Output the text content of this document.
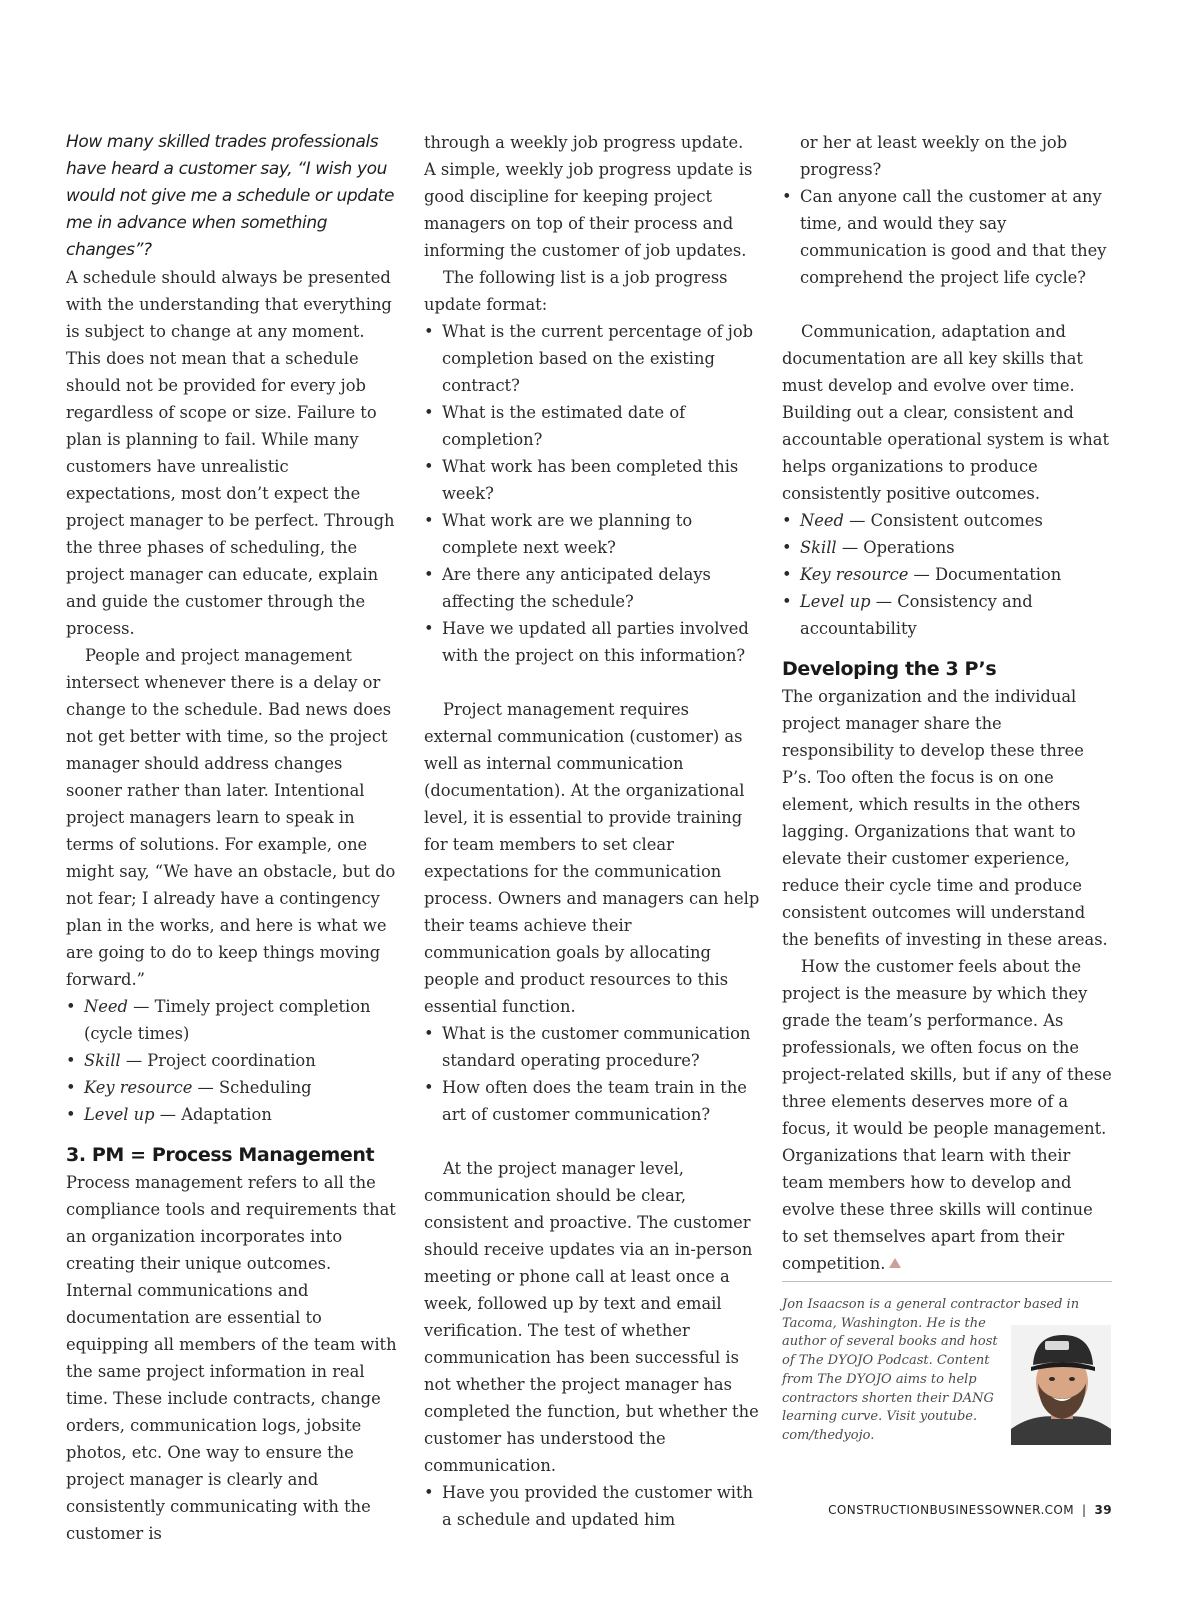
How many skilled trades professionals have heard a customer say, “I wish you would not give me a schedule or update me in advance when something changes”?

A schedule should always be presented with the understanding that everything is subject to change at any moment. This does not mean that a schedule should not be provided for every job regardless of scope or size. Failure to plan is planning to fail. While many customers have unrealistic expectations, most don’t expect the project manager to be perfect. Through the three phases of scheduling, the project manager can educate, explain and guide the customer through the process.

People and project management intersect whenever there is a delay or change to the schedule. Bad news does not get better with time, so the project manager should address changes sooner rather than later. Intentional project managers learn to speak in terms of solutions. For example, one might say, “We have an obstacle, but do not fear; I already have a contingency plan in the works, and here is what we are going to do to keep things moving forward.”

• Need — Timely project completion (cycle times)
• Skill — Project coordination
• Key resource — Scheduling
• Level up — Adaptation
3. PM = Process Management

Process management refers to all the compliance tools and requirements that an organization incorporates into creating their unique outcomes. Internal communications and documentation are essential to equipping all members of the team with the same project information in real time. These include contracts, change orders, communication logs, jobsite photos, etc. One way to ensure the project manager is clearly and consistently communicating with the customer is

through a weekly job progress update. A simple, weekly job progress update is good discipline for keeping project managers on top of their process and informing the customer of job updates.

The following list is a job progress update format:

• What is the current percentage of job completion based on the existing contract?
• What is the estimated date of completion?
• What work has been completed this week?
• What work are we planning to complete next week?
• Are there any anticipated delays affecting the schedule?
• Have we updated all parties involved with the project on this information?

Project management requires external communication (customer) as well as internal communication (documentation). At the organizational level, it is essential to provide training for team members to set clear expectations for the communication process. Owners and managers can help their teams achieve their communication goals by allocating people and product resources to this essential function.

• What is the customer communication standard operating procedure?
• How often does the team train in the art of customer communication?

At the project manager level, communication should be clear, consistent and proactive. The customer should receive updates via an in-person meeting or phone call at least once a week, followed up by text and email verification. The test of whether communication has been successful is not whether the project manager has completed the function, but whether the customer has understood the communication.

• Have you provided the customer with a schedule and updated him

or her at least weekly on the job progress?

• Can anyone call the customer at any time, and would they say communication is good and that they comprehend the project life cycle?

Communication, adaptation and documentation are all key skills that must develop and evolve over time. Building out a clear, consistent and accountable operational system is what helps organizations to produce consistently positive outcomes.

• Need — Consistent outcomes
• Skill — Operations
• Key resource — Documentation
• Level up — Consistency and accountability
Developing the 3 P’s

The organization and the individual project manager share the responsibility to develop these three P’s. Too often the focus is on one element, which results in the others lagging. Organizations that want to elevate their customer experience, reduce their cycle time and produce consistent outcomes will understand the benefits of investing in these areas.

How the customer feels about the project is the measure by which they grade the team’s performance. As professionals, we often focus on the project-related skills, but if any of these three elements deserves more of a focus, it would be people management. Organizations that learn with their team members how to develop and evolve these three skills will continue to set themselves apart from their competition.

Jon Isaacson is a general contractor based in
Tacoma, Washington. He is the author of several books and host of The DYOJO Podcast. Content from The DYOJO aims to help contractors shorten their DANG learning curve. Visit youtube. com/thedyojo.
CONSTRUCTIONBUSINESSOWNER.COM | 39
